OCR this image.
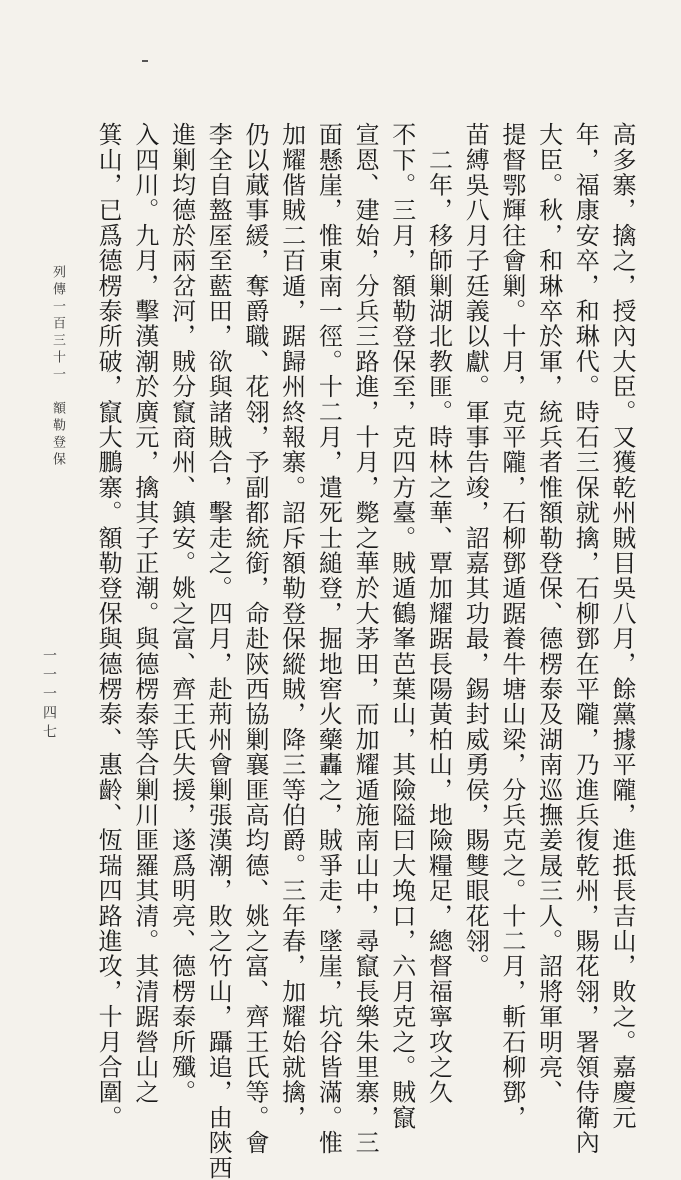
高多寨，擒之，授內大臣。又獲乾州賊目吳八月，餘黨據平隴，進抵長吉山，敗之。嘉慶元
年，福康安卒，和琳代。時石三保就擒，石柳鄧在平隴，乃進兵復乾州，賜花翎，署領侍衛內
大臣。秋，和琳卒於軍，統兵者惟額勒登保、德楞泰及湖南巡撫姜晟三人。詔將軍明亮、
提督鄂輝往會剿。十月，克平隴，石柳鄧遁踞養牛塘山梁，分兵克之。十二月，斬石柳鄧，
苗縛吳八月子廷義以獻。軍事告竣，詔嘉其功最，錫封威勇侯，賜雙眼花翎。
　二年，移師剿湖北教匪。時林之華、覃加耀踞長陽黃柏山，地險糧足，總督福寧攻之久
不下。三月，額勒登保至，克四方臺。賊遁鶴峯芭葉山，其險隘曰大堍口，六月克之。賊竄
宣恩、建始，分兵三路進，十月，斃之華於大茅田，而加耀遁施南山中，尋竄長樂朱里寨，三
面懸崖，惟東南一徑。十二月，遣死士縋登，掘地窖火藥轟之，賊爭走，墜崖，坑谷皆滿。惟
加耀偕賊二百遁，踞歸州終報寨。詔斥額勒登保縱賊，降三等伯爵。三年春，加耀始就擒，
仍以蕆事緩，奪爵職、花翎，予副都統銜，命赴陝西協剿襄匪高均德、姚之富、齊王氏等。會
李全自盩厔至藍田，欲與諸賊合，擊走之。四月，赴荊州會剿張漢潮，敗之竹山，躡追，由陝西
進剿均德於兩岔河，賊分竄商州、鎮安。姚之富、齊王氏失援，遂爲明亮、德楞泰所殲。
入四川。九月，擊漢潮於廣元，擒其子正潮。與德楞泰等合剿川匪羅其清。其清踞營山之
箕山，已爲德楞泰所破，竄大鵬寨。額勒登保與德楞泰、惠齡、恆瑞四路進攻，十月合圍。
列傳一百三十一　額勒登保
一一一四七
